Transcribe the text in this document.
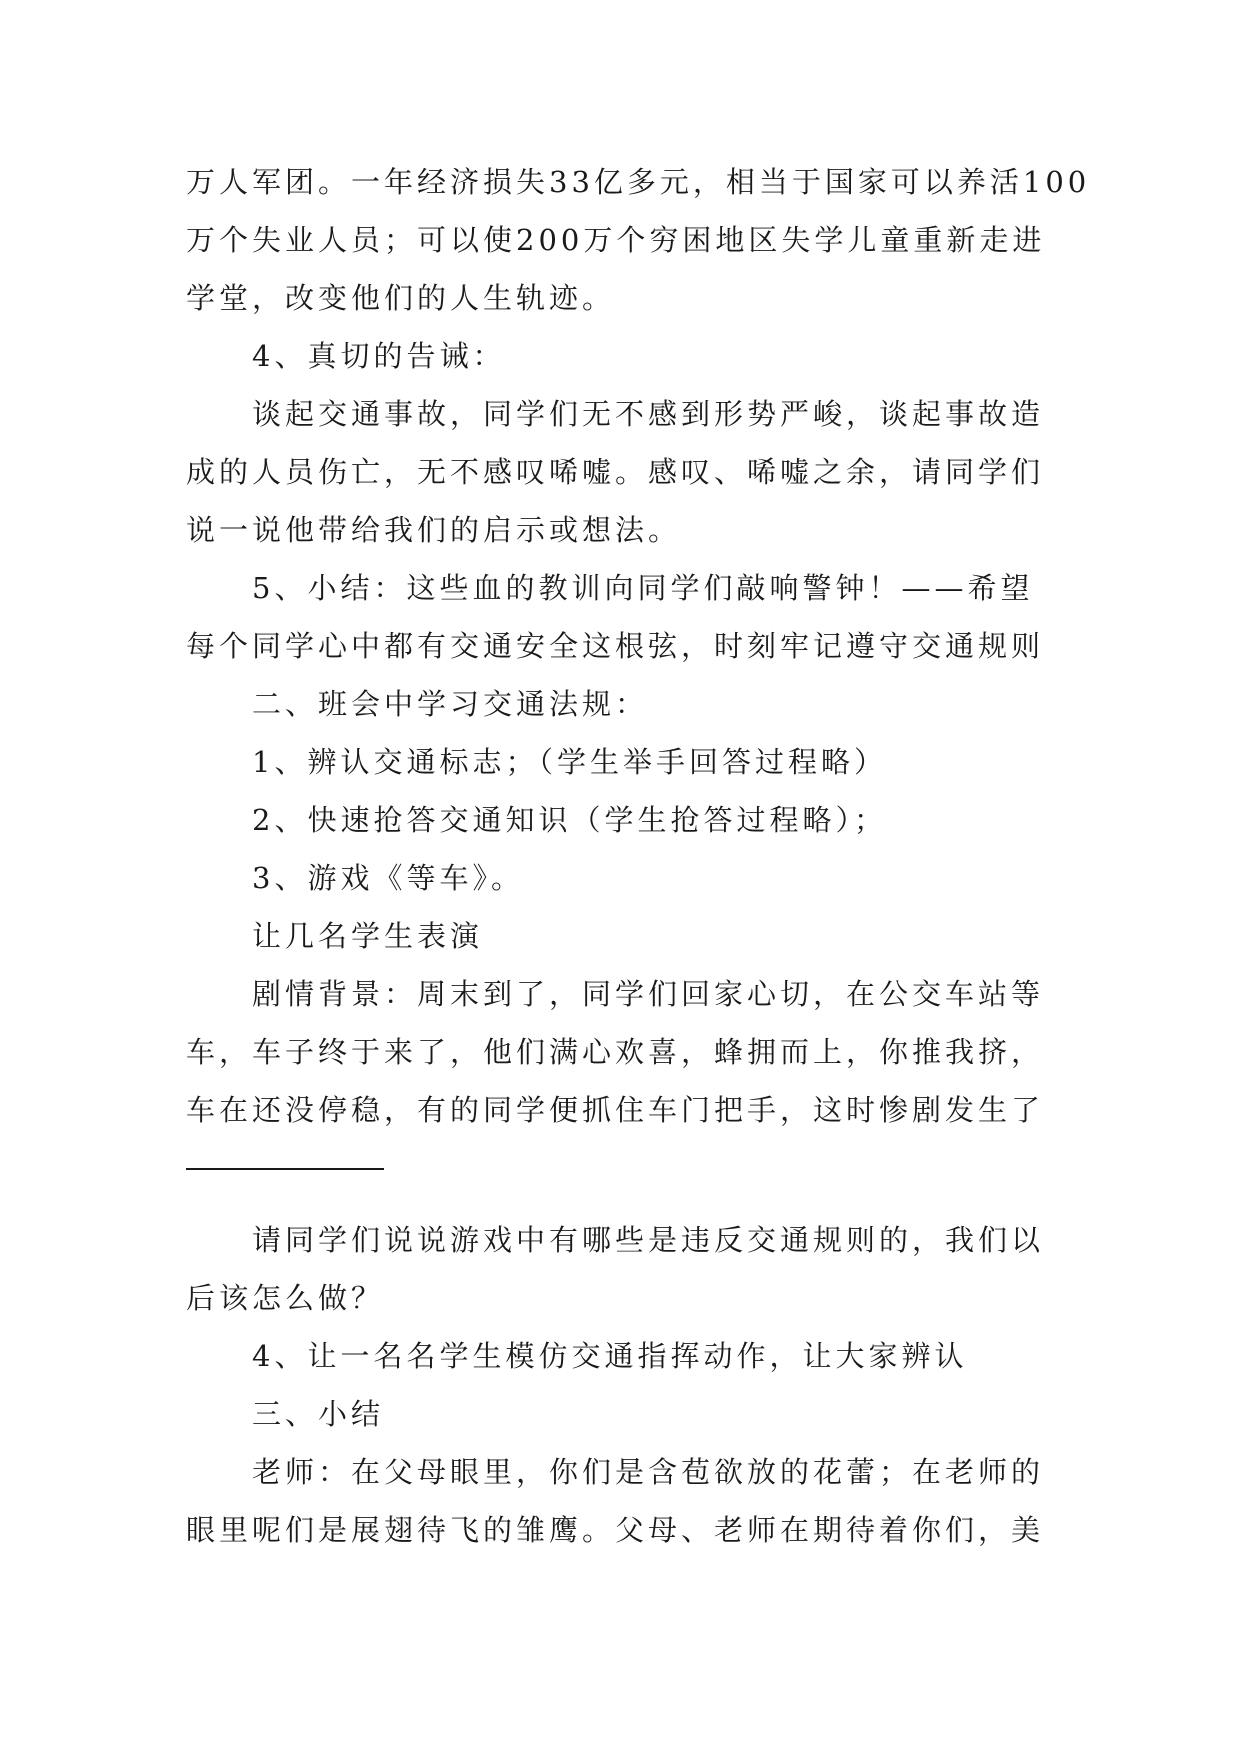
万人军团。一年经济损失33亿多元，相当于国家可以养活100
万个失业人员；可以使200万个穷困地区失学儿童重新走进
学堂，改变他们的人生轨迹。
4、真切的告诫：
谈起交通事故，同学们无不感到形势严峻，谈起事故造
成的人员伤亡，无不感叹唏嘘。感叹、唏嘘之余，请同学们
说一说他带给我们的启示或想法。
5、小结：这些血的教训向同学们敲响警钟！——希望
每个同学心中都有交通安全这根弦，时刻牢记遵守交通规则
二、班会中学习交通法规：
1、辨认交通标志；（学生举手回答过程略）
2、快速抢答交通知识（学生抢答过程略）；
3、游戏《等车》。
让几名学生表演
剧情背景：周末到了，同学们回家心切，在公交车站等
车，车子终于来了，他们满心欢喜，蜂拥而上，你推我挤，
车在还没停稳，有的同学便抓住车门把手，这时惨剧发生了
请同学们说说游戏中有哪些是违反交通规则的，我们以
后该怎么做？
4、让一名名学生模仿交通指挥动作，让大家辨认
三、小结
老师：在父母眼里，你们是含苞欲放的花蕾；在老师的
眼里呢们是展翅待飞的雏鹰。父母、老师在期待着你们，美
